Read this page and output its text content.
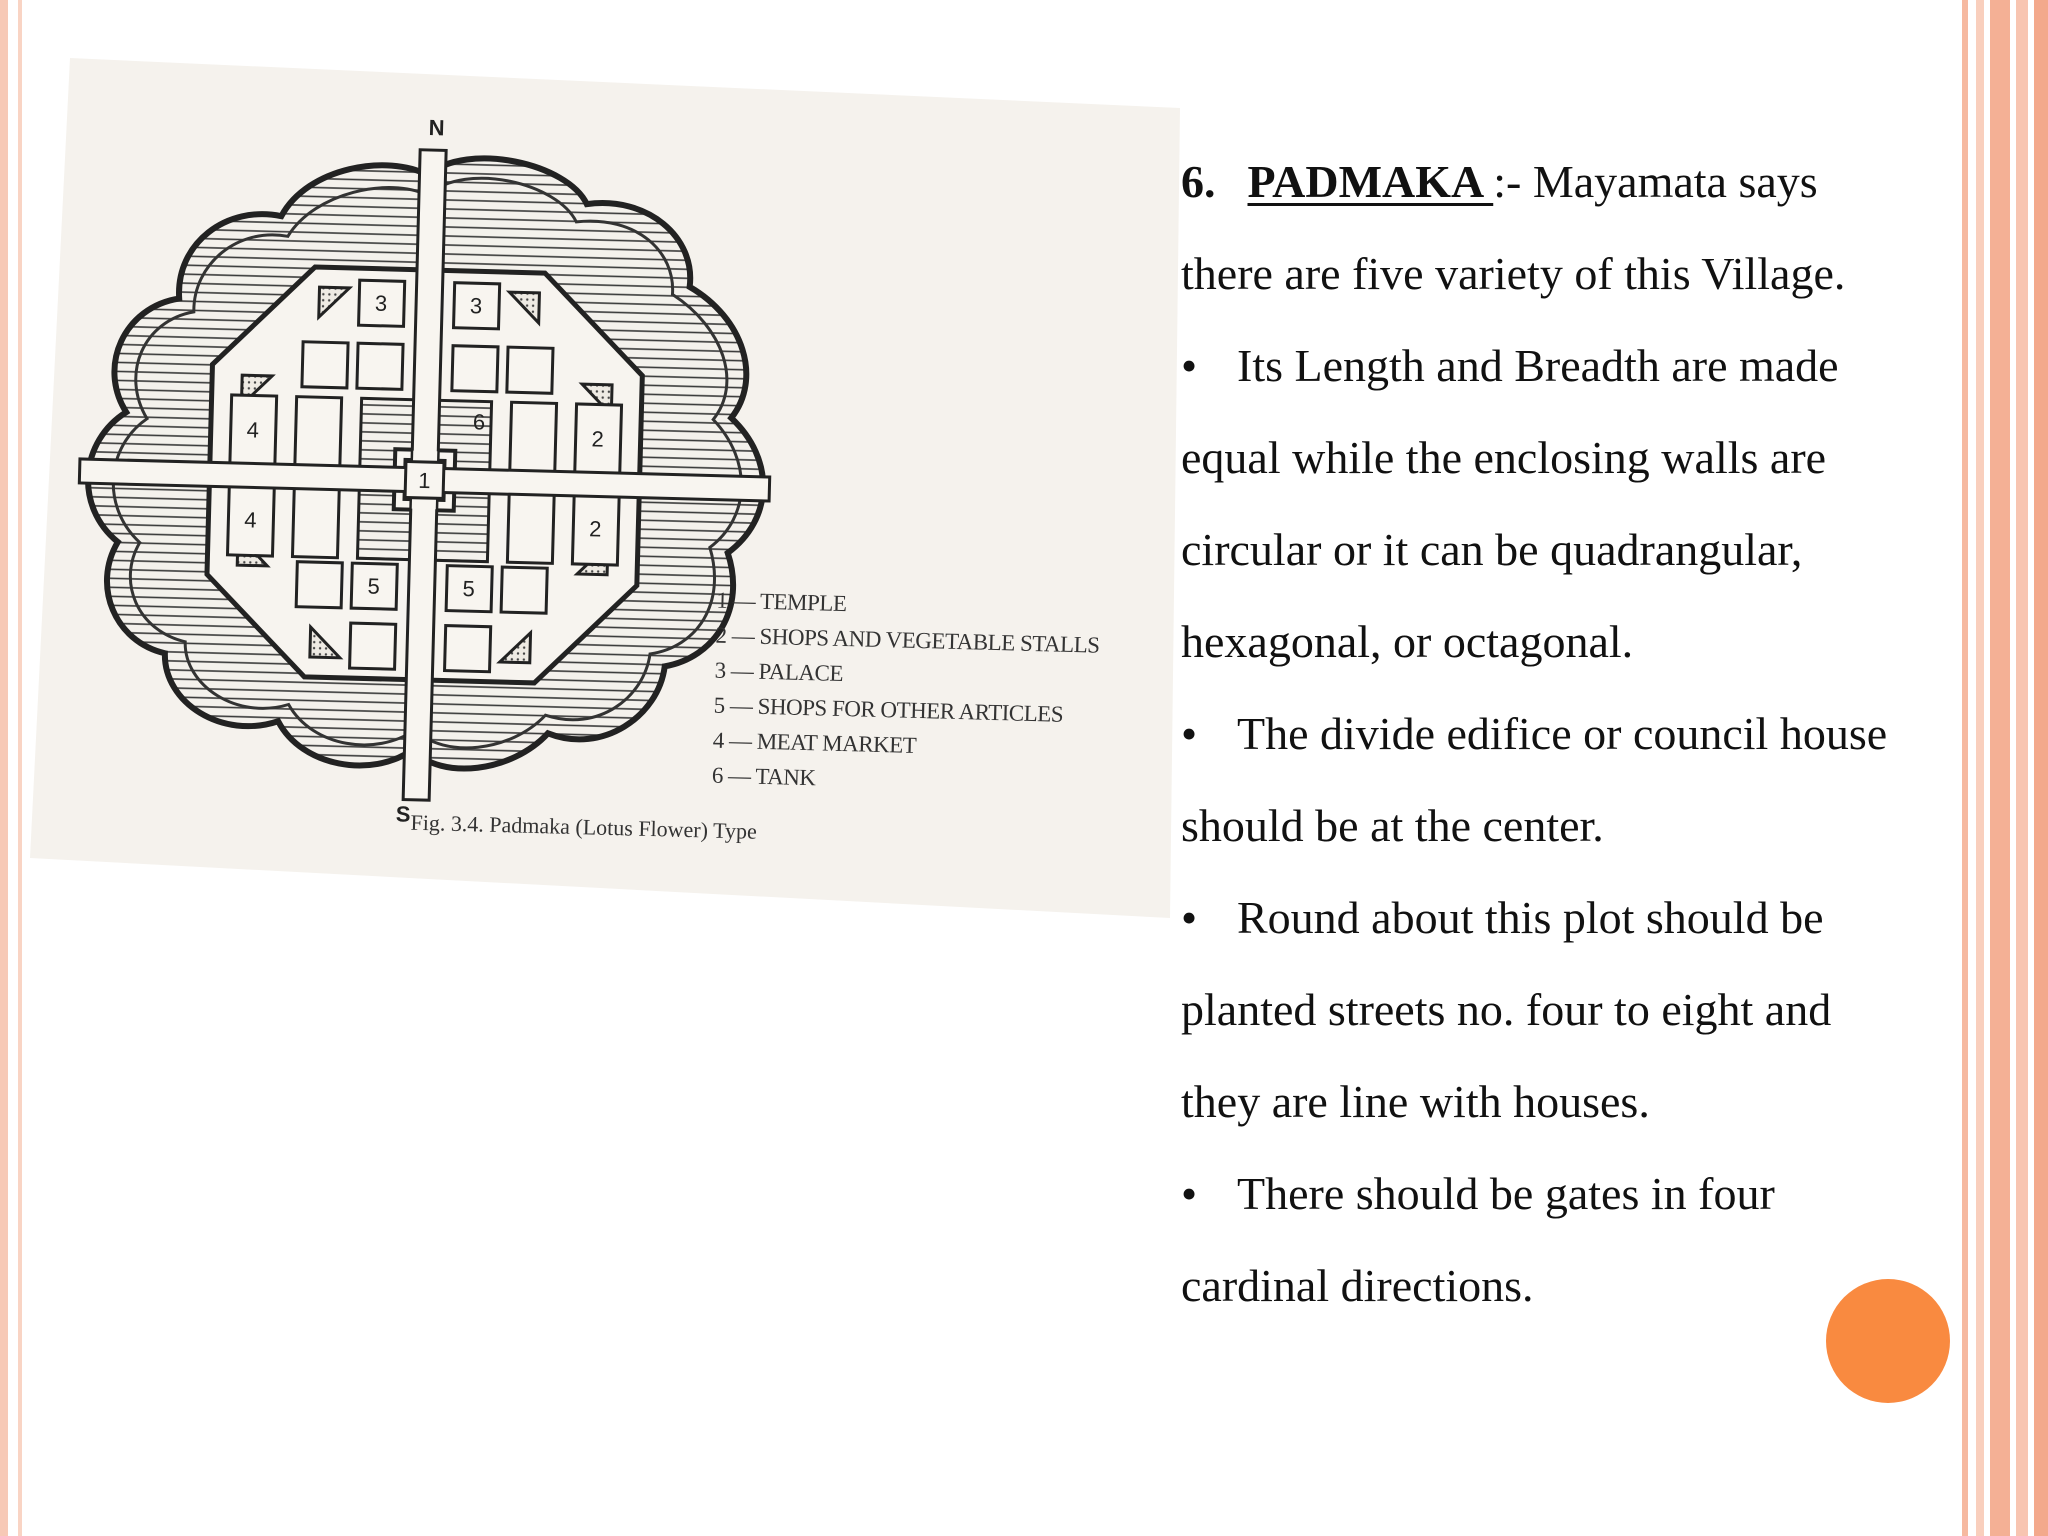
N
S
1
2
2
3	3
4
4
5	5
6
1 — TEMPLE
2 — SHOPS AND VEGETABLE STALLS
3 — PALACE
5 — SHOPS FOR OTHER ARTICLES
4 — MEAT MARKET
6 — TANK
Fig. 3.4. Padmaka (Lotus Flower) Type
6. PADMAKA :- Mayamata says
there are five variety of this Village.
• Its Length and Breadth are made
equal while the enclosing walls are
circular or it can be quadrangular,
hexagonal, or octagonal.
• The divide edifice or council house
should be at the center.
• Round about this plot should be
planted streets no. four to eight and
they are line with houses.
• There should be gates in four
cardinal directions.
